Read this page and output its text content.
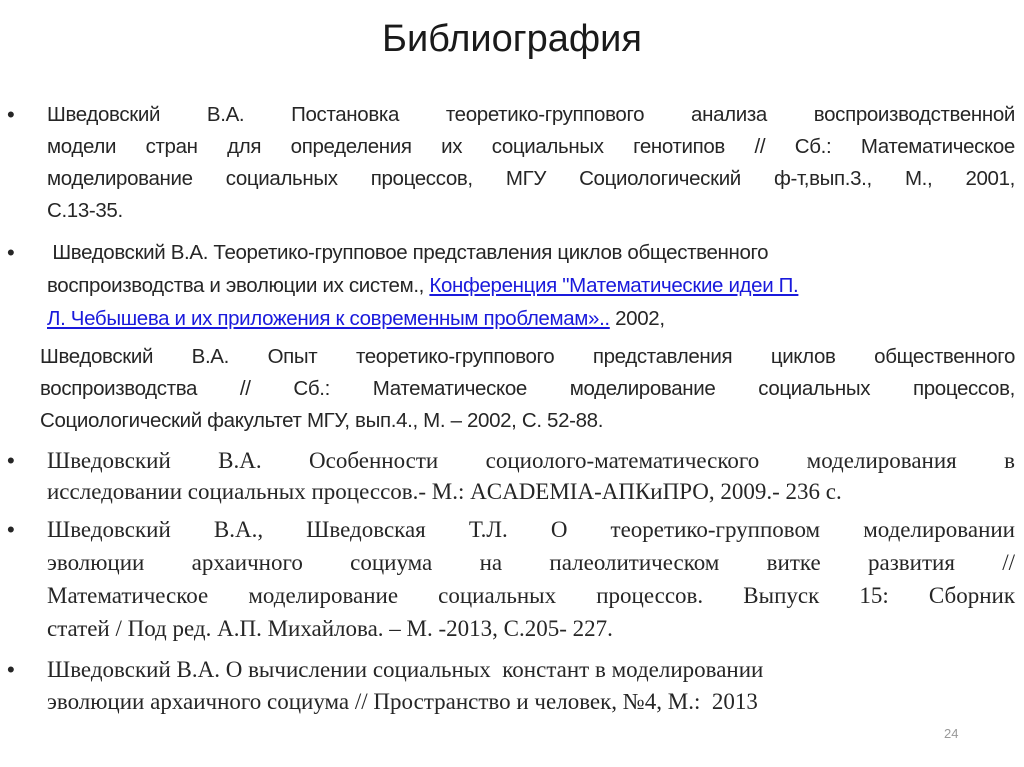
Библиография
• Шведовский В.А. Постановка теоретико-группового анализа воспроизводственной
модели стран для определения их социальных генотипов // Сб.: Математическое
моделирование социальных процессов, МГУ Социологический ф-т,вып.3., М., 2001,
С.13-35.
• Шведовский В.А. Теоретико-групповое представления циклов общественного
воспроизводства и эволюции их систем., Конференция "Математические идеи П.
Л. Чебышева и их приложения к современным проблемам».. 2002,
Шведовский В.А. Опыт теоретико-группового представления циклов общественного
воспроизводства // Сб.: Математическое моделирование социальных процессов,
Социологический факультет МГУ, вып.4., М. – 2002, С. 52-88.
• Шведовский В.А. Особенности социолого-математического моделирования в
исследовании социальных процессов.- М.: ACADEMIA-АПКиПРО, 2009.- 236 с.
• Шведовский В.А., Шведовская Т.Л. О теоретико-групповом моделировании
эволюции архаичного социума на палеолитическом витке развития //
Математическое моделирование социальных процессов. Выпуск 15: Сборник
статей / Под ред. А.П. Михайлова. – М. -2013, С.205- 227.
• Шведовский В.А. О вычислении социальных  констант в моделировании
эволюции архаичного социума // Пространство и человек, №4, М.:  2013
24
